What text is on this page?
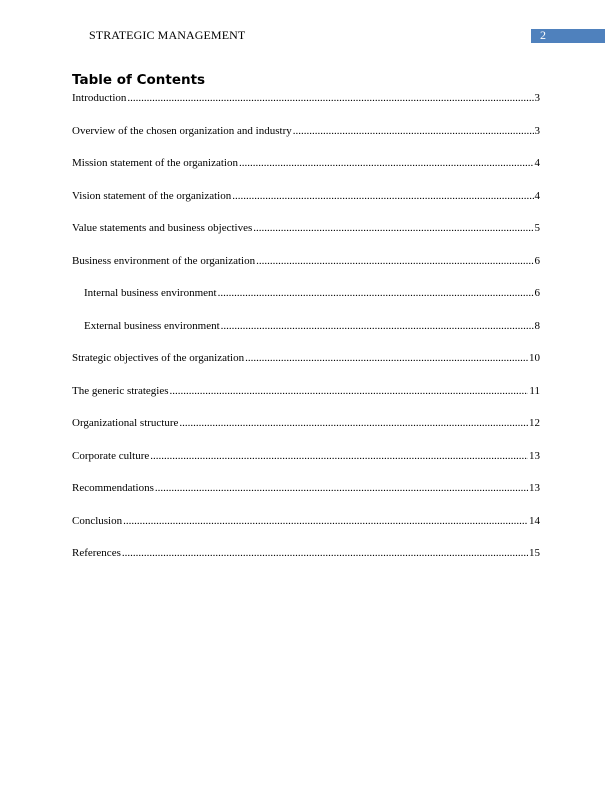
STRATEGIC MANAGEMENT	2
Table of Contents
Introduction .....	3
Overview of the chosen organization and industry .....	3
Mission statement of the organization .....	4
Vision statement of the organization .....	4
Value statements and business objectives .....	5
Business environment of the organization .....	6
Internal business environment .....	6
External business environment .....	8
Strategic objectives of the organization .....	10
The generic strategies .....	11
Organizational structure .....	12
Corporate culture .....	13
Recommendations .....	13
Conclusion .....	14
References .....	15
